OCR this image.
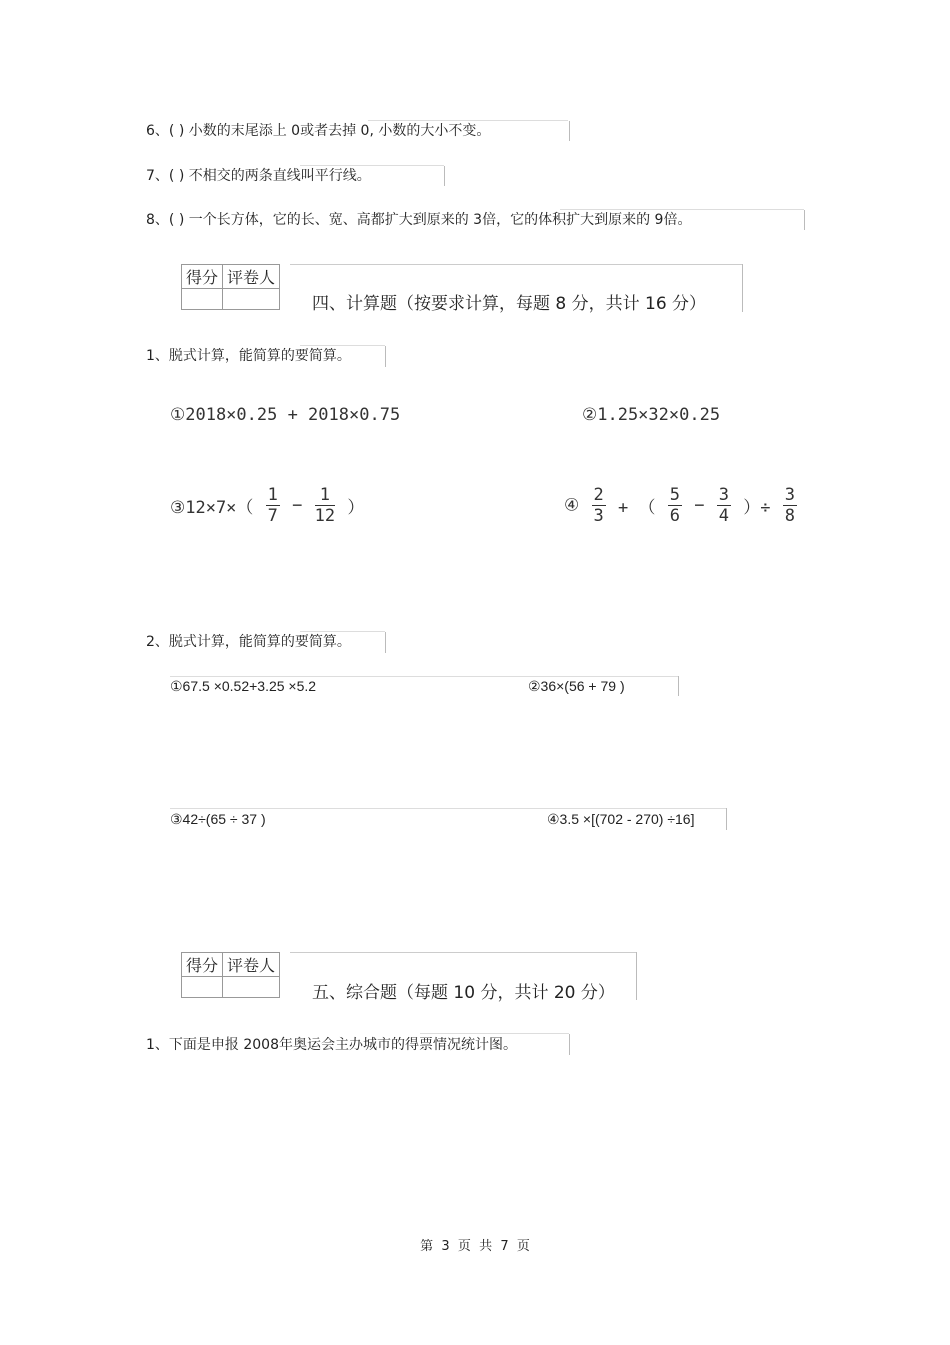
6、( ) 小数的末尾添上 0或者去掉 0, 小数的大小不变。
7、( ) 不相交的两条直线叫平行线。
8、( ) 一个长方体，它的长、宽、高都扩大到原来的 3倍，它的体积扩大到原来的 9倍。
得分	评卷人

四、计算题（按要求计算，每题 8 分，共计 16 分）
1、脱式计算，能简算的要简算。
①2018×0.25 + 2018×0.75	②1.25×32×0.25
③12×7×（ $\frac{1}{7} - \frac{1}{12}$ ）	④ $\frac{2}{3}$ + （ $\frac{5}{6} - \frac{3}{4}$ ）÷ $\frac{3}{8}$
2、脱式计算，能简算的要简算。
①67.5 ×0.52+3.25 ×5.2	②36×(56 + 79 )
③42÷(65 ÷ 37 )	④3.5 ×[(702 - 270) ÷16]
得分	评卷人

五、综合题（每题 10 分，共计 20 分）
1、下面是申报 2008年奥运会主办城市的得票情况统计图。
第  3  页  共  7  页
